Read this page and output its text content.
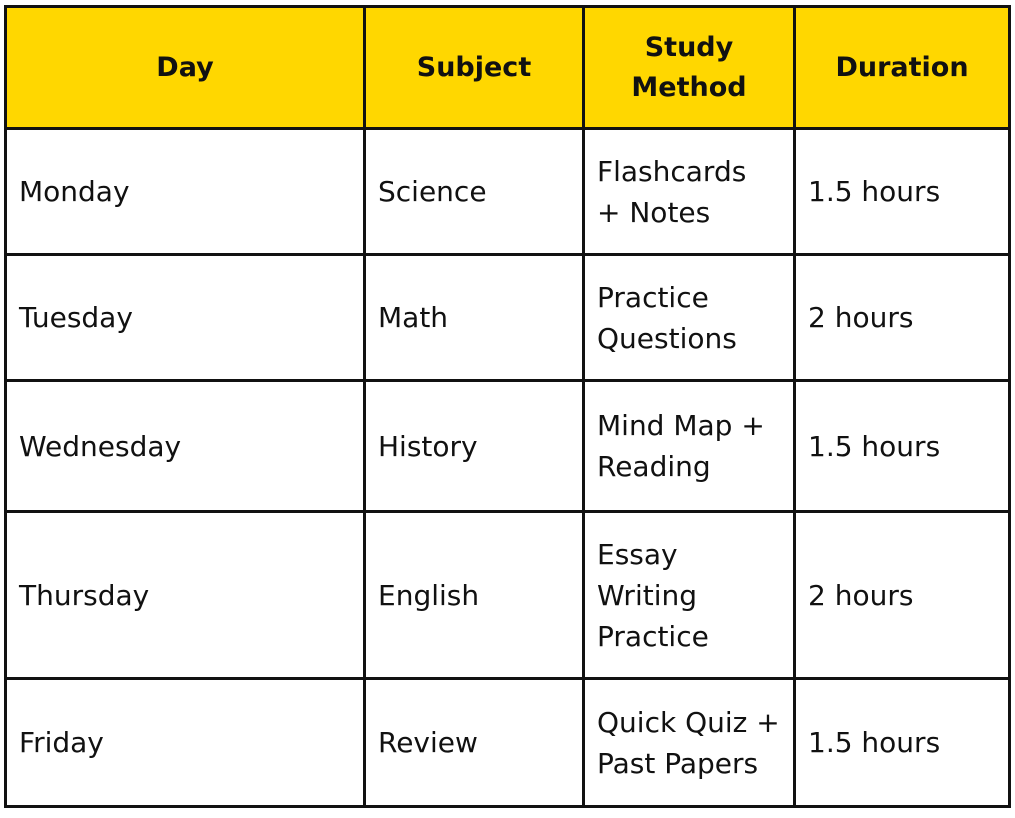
Day	Subject	Study Method	Duration
Monday	Science	Flashcards + Notes	1.5 hours
Tuesday	Math	Practice Questions	2 hours
Wednesday	History	Mind Map + Reading	1.5 hours
Thursday	English	Essay Writing Practice	2 hours
Friday	Review	Quick Quiz + Past Papers	1.5 hours
